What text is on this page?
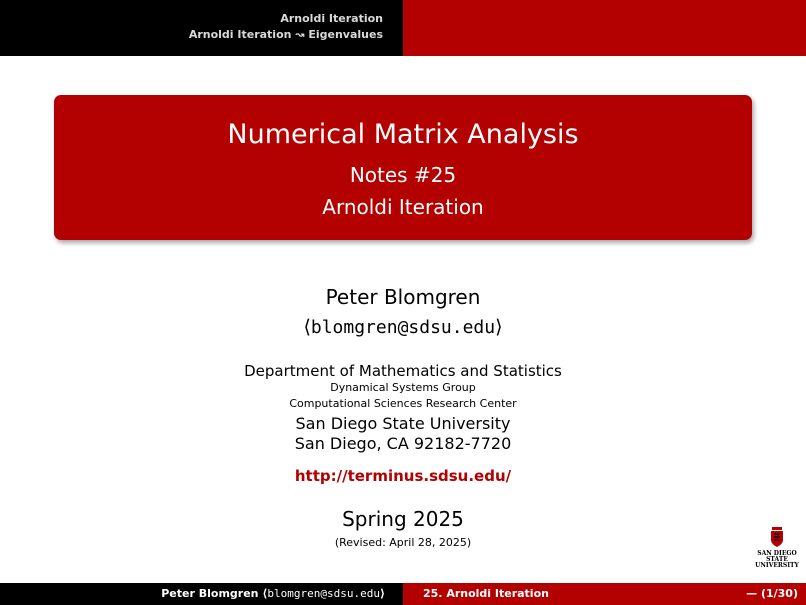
Arnoldi Iteration
Arnoldi Iteration ↝ Eigenvalues
Numerical Matrix Analysis
Notes #25
Arnoldi Iteration
Peter Blomgren
⟨blomgren@sdsu.edu⟩
Department of Mathematics and Statistics
Dynamical Systems Group
Computational Sciences Research Center
San Diego State University
San Diego, CA 92182-7720
http://terminus.sdsu.edu/
Spring 2025
(Revised: April 28, 2025)
SAN DIEGO STATE
UNIVERSITY
Peter Blomgren ⟨blomgren@sdsu.edu⟩	25. Arnoldi Iteration	— (1/30)
